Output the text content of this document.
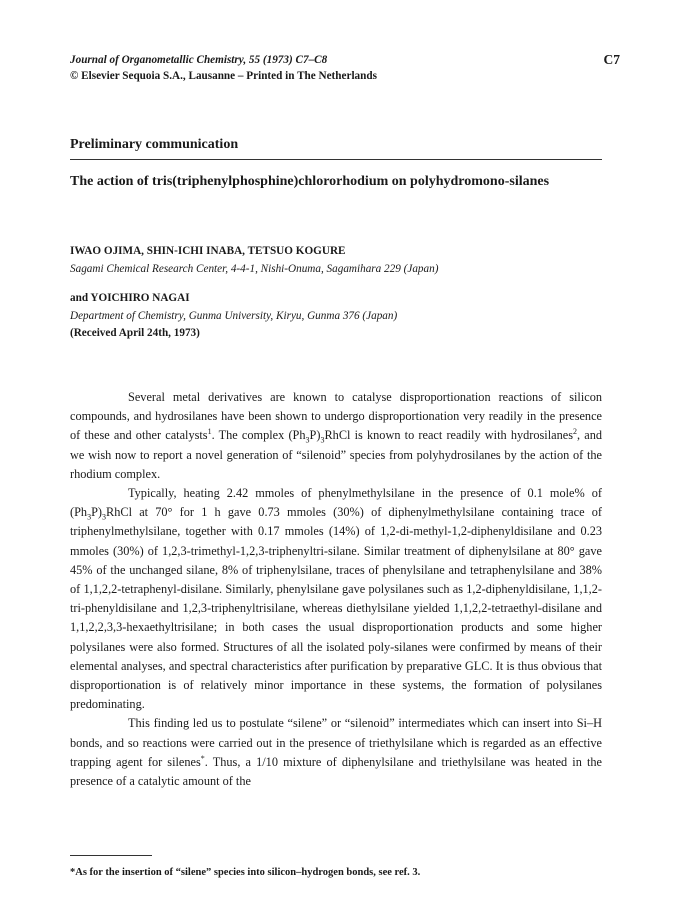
Journal of Organometallic Chemistry, 55 (1973) C7–C8
© Elsevier Sequoia S.A., Lausanne – Printed in The Netherlands
C7
Preliminary communication
The action of tris(triphenylphosphine)chlororhodium on polyhydromono-silanes
IWAO OJIMA, SHIN-ICHI INABA, TETSUO KOGURE
Sagami Chemical Research Center, 4-4-1, Nishi-Onuma, Sagamihara 229 (Japan)
and YOICHIRO NAGAI
Department of Chemistry, Gunma University, Kiryu, Gunma 376 (Japan)
(Received April 24th, 1973)

Several metal derivatives are known to catalyse disproportionation reactions of silicon compounds, and hydrosilanes have been shown to undergo disproportionation very readily in the presence of these and other catalysts$^1$. The complex $(Ph_3P)_3RhCl$ is known to react readily with hydrosilanes$^2$, and we wish now to report a novel generation of “silenoid” species from polyhydrosilanes by the action of the rhodium complex.

Typically, heating 2.42 mmoles of phenylmethylsilane in the presence of 0.1 mole% of $(Ph_3P)_3RhCl$ at 70° for 1 h gave 0.73 mmoles (30%) of diphenylmethylsilane containing trace of triphenylmethylsilane, together with 0.17 mmoles (14%) of 1,2-di-methyl-1,2-diphenyldisilane and 0.23 mmoles (30%) of 1,2,3-trimethyl-1,2,3-triphenyltri-silane. Similar treatment of diphenylsilane at 80° gave 45% of the unchanged silane, 8% of triphenylsilane, traces of phenylsilane and tetraphenylsilane and 38% of 1,1,2,2-tetraphenyl-disilane. Similarly, phenylsilane gave polysilanes such as 1,2-diphenyldisilane, 1,1,2-tri-phenyldisilane and 1,2,3-triphenyltrisilane, whereas diethylsilane yielded 1,1,2,2-tetraethyl-disilane and 1,1,2,2,3,3-hexaethyltrisilane; in both cases the usual disproportionation products and some higher polysilanes were also formed. Structures of all the isolated poly-silanes were confirmed by means of their elemental analyses, and spectral characteristics after purification by preparative GLC. It is thus obvious that disproportionation is of relatively minor importance in these systems, the formation of polysilanes predominating.

This finding led us to postulate “silene” or “silenoid” intermediates which can insert into Si–H bonds, and so reactions were carried out in the presence of triethylsilane which is regarded as an effective trapping agent for silenes*. Thus, a 1/10 mixture of diphenylsilane and triethylsilane was heated in the presence of a catalytic amount of the

*As for the insertion of “silene” species into silicon–hydrogen bonds, see ref. 3.
